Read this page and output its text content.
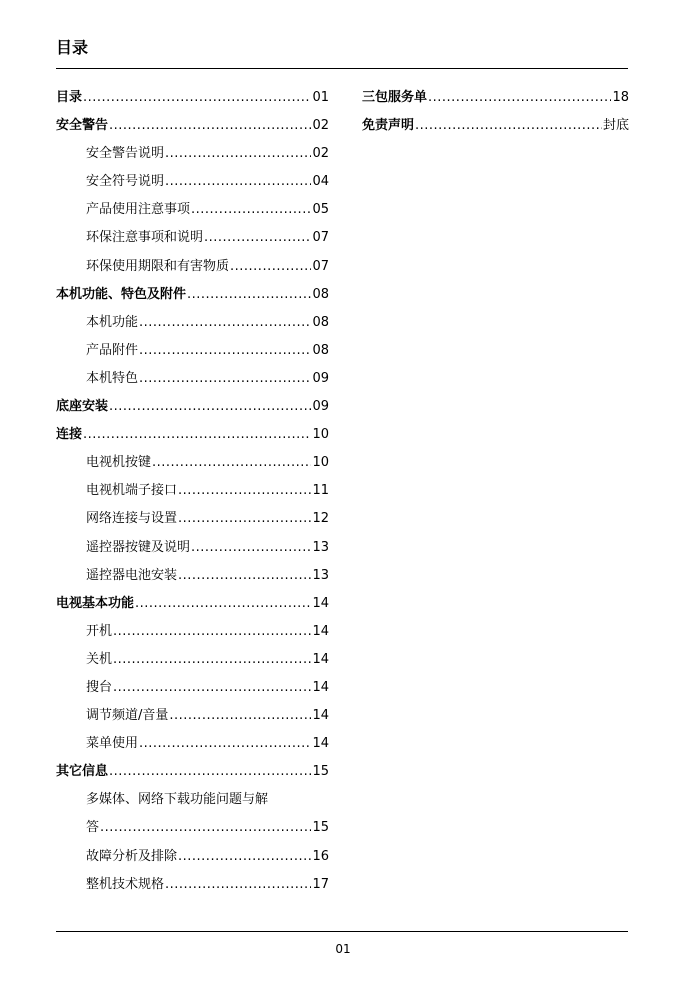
目录
目录 .....	01
安全警告 .....	02
安全警告说明 .....	02
安全符号说明 .....	04
产品使用注意事项 .....	05
环保注意事项和说明 .....	07
环保使用期限和有害物质 .....	07
本机功能、特色及附件 .....	08
本机功能 .....	08
产品附件 .....	08
本机特色 .....	09
底座安装 .....	09
连接 .....	10
电视机按键 .....	10
电视机端子接口 .....	11
网络连接与设置 .....	12
遥控器按键及说明 .....	13
遥控器电池安装 .....	13
电视基本功能 .....	14
开机 .....	14
关机 .....	14
搜台 .....	14
调节频道/音量 .....	14
菜单使用 .....	14
其它信息 .....	15
多媒体、网络下载功能问题与解
答 .....	15
故障分析及排除 .....	16
整机技术规格 .....	17
三包服务单 .....	18
免责声明 .....	封底
01
